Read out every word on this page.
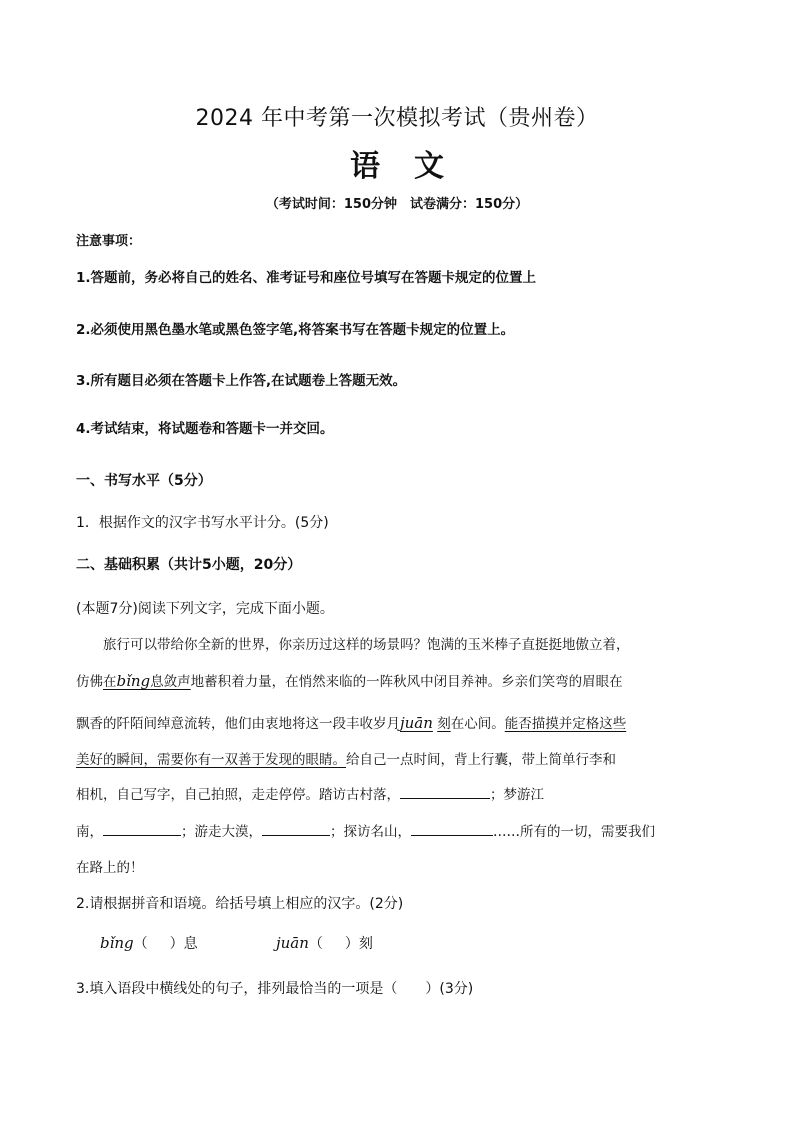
2024 年中考第一次模拟考试（贵州卷）
语文
（考试时间：150分钟　试卷满分：150分）
注意事项：
1.答题前，务必将自己的姓名、准考证号和座位号填写在答题卡规定的位置上
2.必须使用黑色墨水笔或黑色签字笔,将答案书写在答题卡规定的位置上。
3.所有题目必须在答题卡上作答,在试题卷上答题无效。
4.考试结束，将试题卷和答题卡一并交回。
一、书写水平（5分）
1．根据作文的汉字书写水平计分。(5分)
二、基础积累（共计5小题，20分）
(本题7分)阅读下列文字，完成下面小题。
旅行可以带给你全新的世界，你亲历过这样的场景吗？饱满的玉米棒子直挺挺地傲立着，
仿佛在bǐng息敛声地蓄积着力量，在悄然来临的一阵秋风中闭目养神。乡亲们笑弯的眉眼在
飘香的阡陌间绰意流转，他们由衷地将这一段丰收岁月juān 刻在心间。能否描摸并定格这些
美好的瞬间，需要你有一双善于发现的眼睛。给自己一点时间，背上行囊，带上简单行李和
相机，自己写字，自己拍照，走走停停。踏访古村落，	；梦游江
南，	；游走大漠，	；探访名山，	……所有的一切，需要我们
在路上的！
2.请根据拼音和语境。给括号填上相应的汉字。(2分)
bǐng（ ）息	juān（ ）刻
3.填入语段中横线处的句子，排列最恰当的一项是（　　）(3分)
